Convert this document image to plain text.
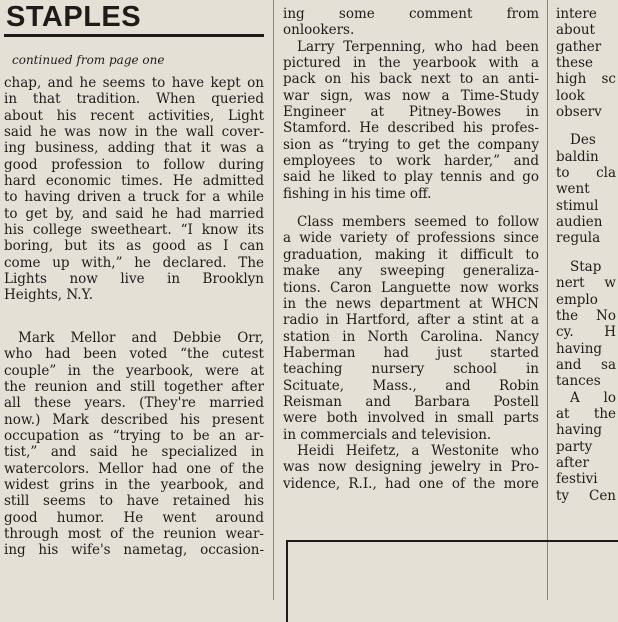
STAPLES
continued from page one
chap, and he seems to have kept on
in that tradition. When queried
about his recent activities, Light
said he was now in the wall cover-
ing business, adding that it was a
good profession to follow during
hard economic times. He admitted
to having driven a truck for a while
to get by, and said he had married
his college sweetheart. “I know its
boring, but its as good as I can
come up with,” he declared. The
Lights now live in Brooklyn
Heights, N.Y.
Mark Mellor and Debbie Orr,
who had been voted “the cutest
couple” in the yearbook, were at
the reunion and still together after
all these years. (They're married
now.) Mark described his present
occupation as “trying to be an ar-
tist,” and said he specialized in
watercolors. Mellor had one of the
widest grins in the yearbook, and
still seems to have retained his
good humor. He went around
through most of the reunion wear-
ing his wife's nametag, occasion-
ing some comment from
onlookers.
Larry Terpenning, who had been
pictured in the yearbook with a
pack on his back next to an anti-
war sign, was now a Time-Study
Engineer at Pitney-Bowes in
Stamford. He described his profes-
sion as “trying to get the company
employees to work harder,” and
said he liked to play tennis and go
fishing in his time off.
Class members seemed to follow
a wide variety of professions since
graduation, making it difficult to
make any sweeping generaliza-
tions. Caron Languette now works
in the news department at WHCN
radio in Hartford, after a stint at a
station in North Carolina. Nancy
Haberman had just started
teaching nursery school in
Scituate, Mass., and Robin
Reisman and Barbara Postell
were both involved in small parts
in commercials and television.
Heidi Heifetz, a Westonite who
was now designing jewelry in Pro-
vidence, R.I., had one of the more
intere
about
gather
these
high sc
look
observ
Des
baldin
to cla
went
stimul
audien
regula
Stap
nert w
emplo
the No
cy. H
having
and sa
tances
A lo
at the
having
party
after
festivi
ty Cen
